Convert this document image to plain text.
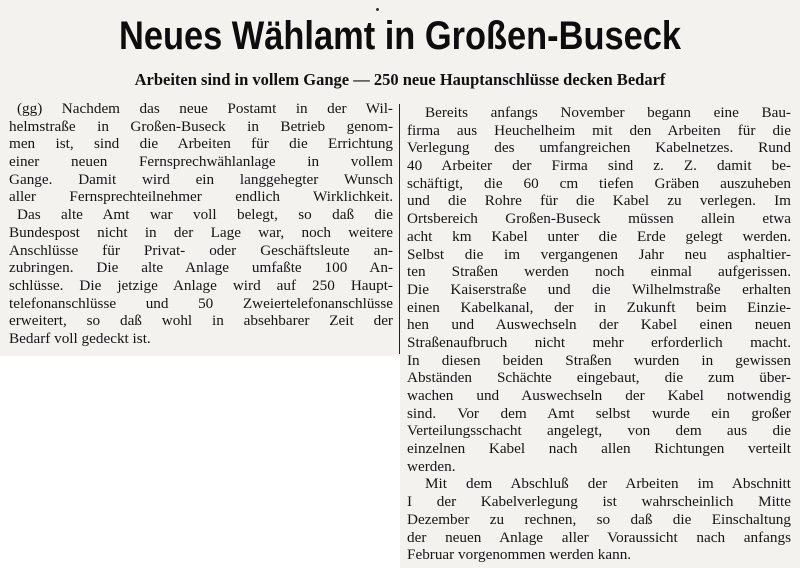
Neues Wählamt in Großen-Buseck
Arbeiten sind in vollem Gange — 250 neue Hauptanschlüsse decken Bedarf
(gg) Nachdem das neue Postamt in der Wil-
helmstraße in Großen-Buseck in Betrieb genom-
men ist, sind die Arbeiten für die Errichtung
einer neuen Fernsprechwählanlage in vollem
Gange. Damit wird ein langgehegter Wunsch
aller Fernsprechteilnehmer endlich Wirklichkeit.
Das alte Amt war voll belegt, so daß die
Bundespost nicht in der Lage war, noch weitere
Anschlüsse für Privat- oder Geschäftsleute an-
zubringen. Die alte Anlage umfaßte 100 An-
schlüsse. Die jetzige Anlage wird auf 250 Haupt-
telefonanschlüsse und 50 Zweiertelefonanschlüsse
erweitert, so daß wohl in absehbarer Zeit der
Bedarf voll gedeckt ist.
Bereits anfangs November begann eine Bau-
firma aus Heuchelheim mit den Arbeiten für die
Verlegung des umfangreichen Kabelnetzes. Rund
40 Arbeiter der Firma sind z. Z. damit be-
schäftigt, die 60 cm tiefen Gräben auszuheben
und die Rohre für die Kabel zu verlegen. Im
Ortsbereich Großen-Buseck müssen allein etwa
acht km Kabel unter die Erde gelegt werden.
Selbst die im vergangenen Jahr neu asphaltier-
ten Straßen werden noch einmal aufgerissen.
Die Kaiserstraße und die Wilhelmstraße erhalten
einen Kabelkanal, der in Zukunft beim Einzie-
hen und Auswechseln der Kabel einen neuen
Straßenaufbruch nicht mehr erforderlich macht.
In diesen beiden Straßen wurden in gewissen
Abständen Schächte eingebaut, die zum über-
wachen und Auswechseln der Kabel notwendig
sind. Vor dem Amt selbst wurde ein großer
Verteilungsschacht angelegt, von dem aus die
einzelnen Kabel nach allen Richtungen verteilt
werden.
Mit dem Abschluß der Arbeiten im Abschnitt
I der Kabelverlegung ist wahrscheinlich Mitte
Dezember zu rechnen, so daß die Einschaltung
der neuen Anlage aller Voraussicht nach anfangs
Februar vorgenommen werden kann.
